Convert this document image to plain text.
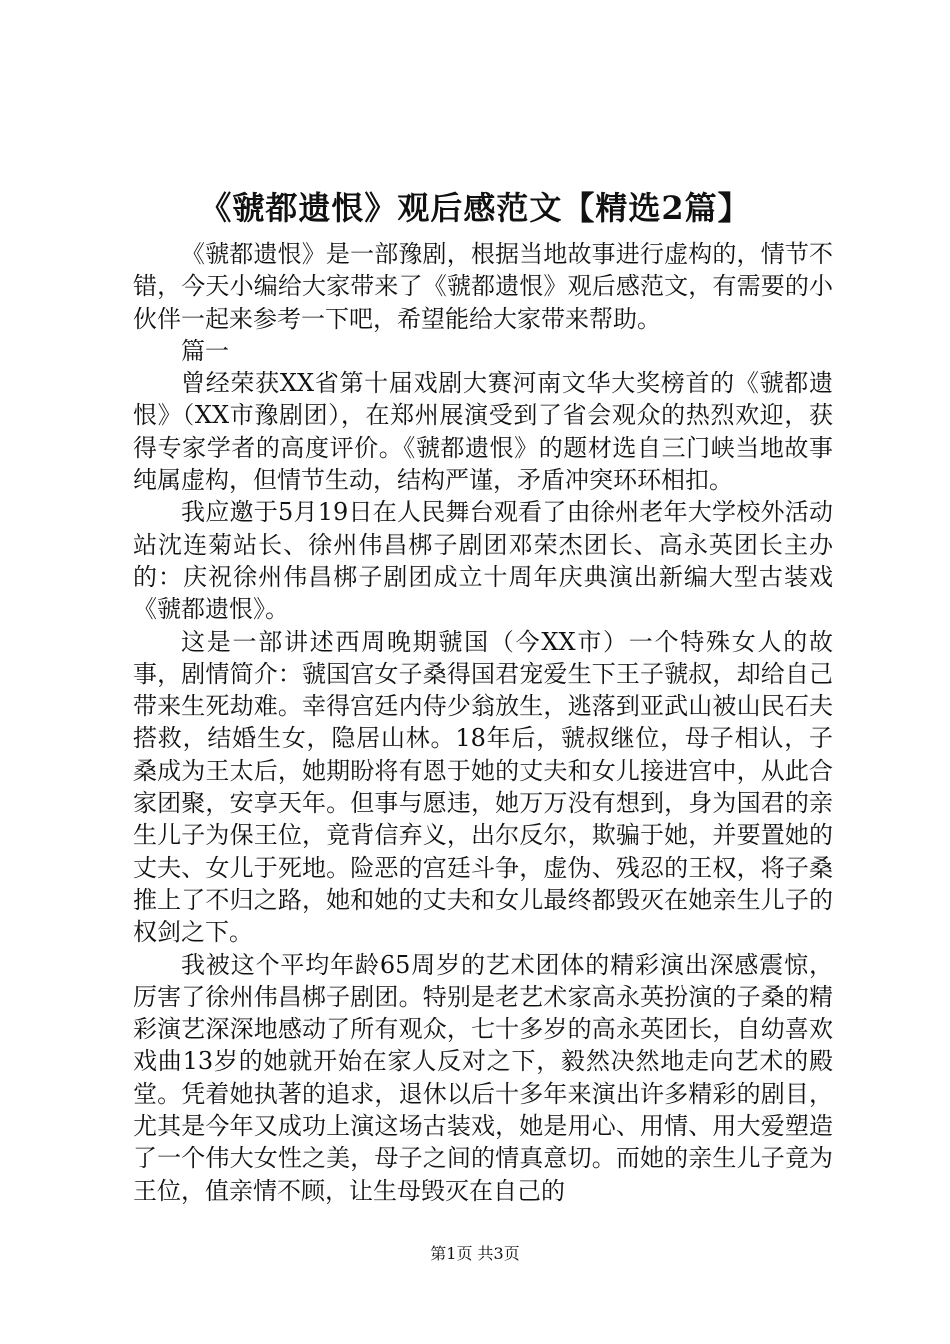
《虢都遗恨》观后感范文【精选2篇】

《虢都遗恨》是一部豫剧，根据当地故事进行虚构的，情节不错，今天小编给大家带来了《虢都遗恨》观后感范文，有需要的小伙伴一起来参考一下吧，希望能给大家带来帮助。

篇一

曾经荣获XX省第十届戏剧大赛河南文华大奖榜首的《虢都遗恨》（XX市豫剧团），在郑州展演受到了省会观众的热烈欢迎，获得专家学者的高度评价。《虢都遗恨》的题材选自三门峡当地故事纯属虚构，但情节生动，结构严谨，矛盾冲突环环相扣。

我应邀于5月19日在人民舞台观看了由徐州老年大学校外活动站沈连菊站长、徐州伟昌梆子剧团邓荣杰团长、高永英团长主办的：庆祝徐州伟昌梆子剧团成立十周年庆典演出新编大型古装戏《虢都遗恨》。

这是一部讲述西周晚期虢国（今XX市）一个特殊女人的故事，剧情简介：虢国宫女子桑得国君宠爱生下王子虢叔，却给自己带来生死劫难。幸得宫廷内侍少翁放生，逃落到亚武山被山民石夫搭救，结婚生女，隐居山林。18年后，虢叔继位，母子相认，子桑成为王太后，她期盼将有恩于她的丈夫和女儿接进宫中，从此合家团聚，安享天年。但事与愿违，她万万没有想到，身为国君的亲生儿子为保王位，竟背信弃义，出尔反尔，欺骗于她，并要置她的丈夫、女儿于死地。险恶的宫廷斗争，虚伪、残忍的王权，将子桑推上了不归之路，她和她的丈夫和女儿最终都毁灭在她亲生儿子的权剑之下。

我被这个平均年龄65周岁的艺术团体的精彩演出深感震惊，厉害了徐州伟昌梆子剧团。特别是老艺术家高永英扮演的子桑的精彩演艺深深地感动了所有观众，七十多岁的高永英团长，自幼喜欢戏曲13岁的她就开始在家人反对之下，毅然决然地走向艺术的殿堂。凭着她执著的追求，退休以后十多年来演出许多精彩的剧目，尤其是今年又成功上演这场古装戏，她是用心、用情、用大爱塑造了一个伟大女性之美，母子之间的情真意切。而她的亲生儿子竟为王位，值亲情不顾，让生母毁灭在自己的

第1页 共3页
